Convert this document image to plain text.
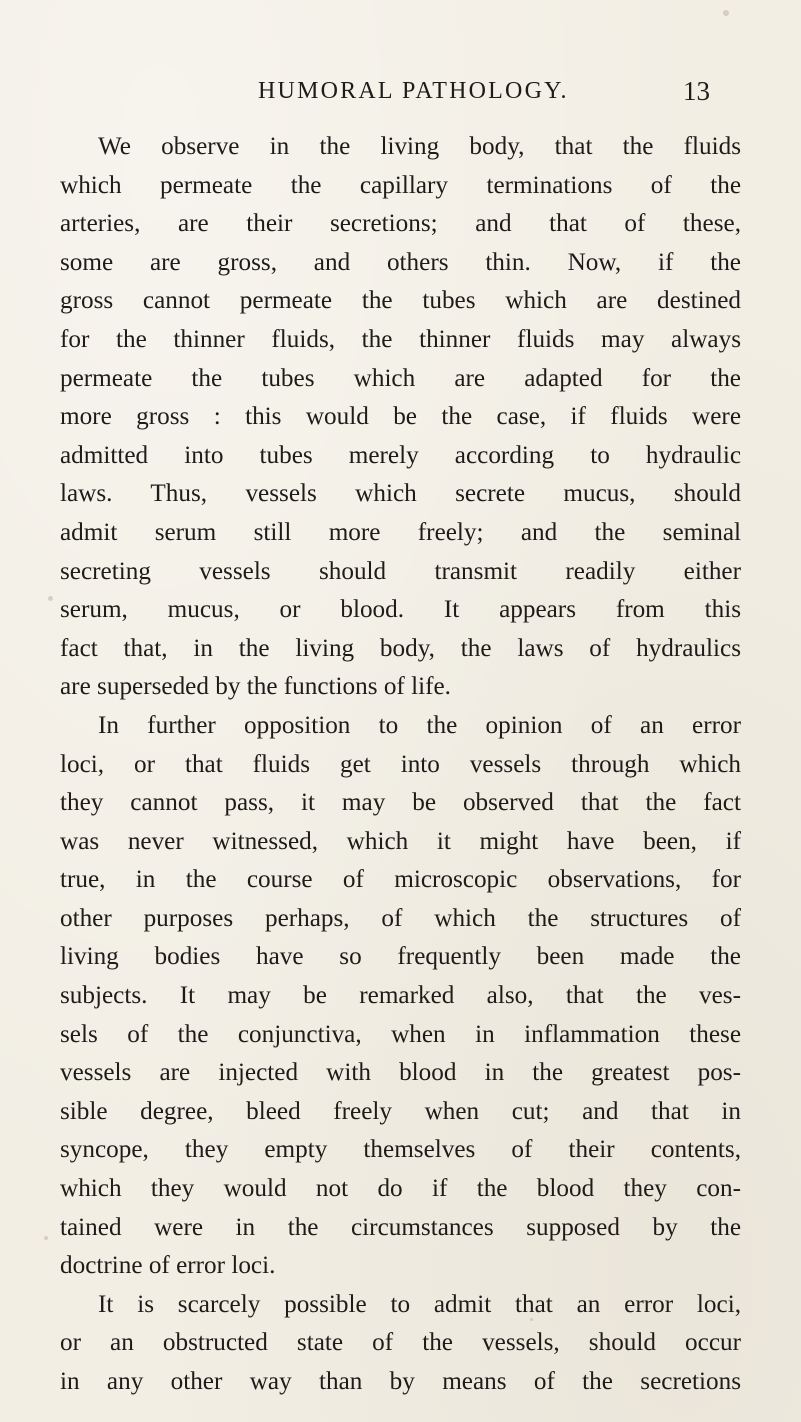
HUMORAL PATHOLOGY.	13
We observe in the living body, that the fluids
which permeate the capillary terminations of the
arteries, are their secretions; and that of these,
some are gross, and others thin. Now, if the
gross cannot permeate the tubes which are destined
for the thinner fluids, the thinner fluids may always
permeate the tubes which are adapted for the
more gross : this would be the case, if fluids were
admitted into tubes merely according to hydraulic
laws. Thus, vessels which secrete mucus, should
admit serum still more freely; and the seminal
secreting vessels should transmit readily either
serum, mucus, or blood. It appears from this
fact that, in the living body, the laws of hydraulics
are superseded by the functions of life.
In further opposition to the opinion of an error
loci, or that fluids get into vessels through which
they cannot pass, it may be observed that the fact
was never witnessed, which it might have been, if
true, in the course of microscopic observations, for
other purposes perhaps, of which the structures of
living bodies have so frequently been made the
subjects. It may be remarked also, that the ves-
sels of the conjunctiva, when in inflammation these
vessels are injected with blood in the greatest pos-
sible degree, bleed freely when cut; and that in
syncope, they empty themselves of their contents,
which they would not do if the blood they con-
tained were in the circumstances supposed by the
doctrine of error loci.
It is scarcely possible to admit that an error loci,
or an obstructed state of the vessels, should occur
in any other way than by means of the secretions
